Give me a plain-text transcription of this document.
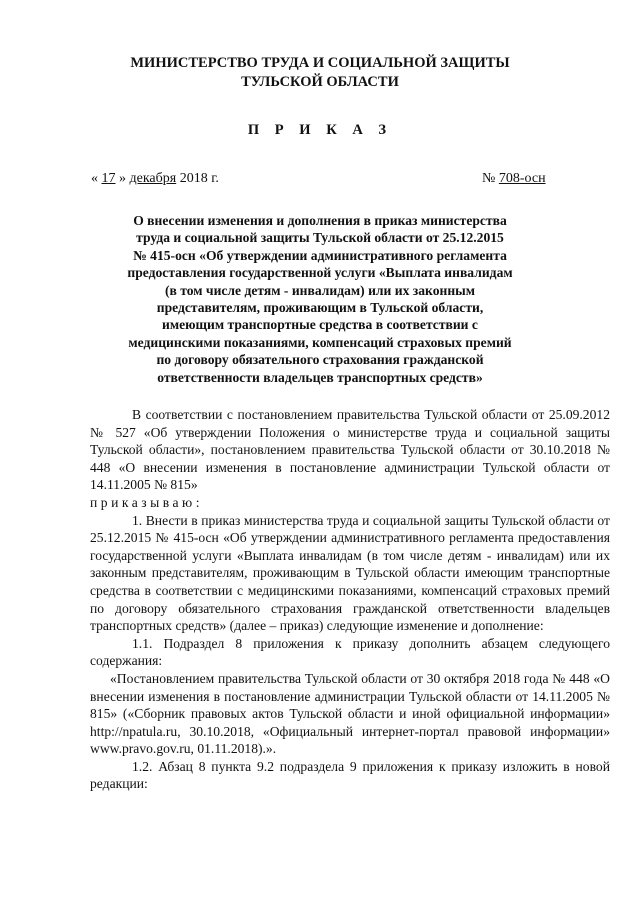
МИНИСТЕРСТВО ТРУДА И СОЦИАЛЬНОЙ ЗАЩИТЫ
ТУЛЬСКОЙ ОБЛАСТИ
П Р И К А З
« 17 » декабря 2018 г.	№ 708-осн
О внесении изменения и дополнения в приказ министерства
труда и социальной защиты Тульской области от 25.12.2015
№ 415-осн «Об утверждении административного регламента
предоставления государственной услуги «Выплата инвалидам
(в том числе детям - инвалидам) или их законным
представителям, проживающим в Тульской области,
имеющим транспортные средства в соответствии с
медицинскими показаниями, компенсаций страховых премий
по договору обязательного страхования гражданской
ответственности владельцев транспортных средств»

В соответствии с постановлением правительства Тульской области от 25.09.2012 № 527 «Об утверждении Положения о министерстве труда и социальной защиты Тульской области», постановлением правительства Тульской области от 30.10.2018 № 448 «О внесении изменения в постановление администрации Тульской области от 14.11.2005 № 815»

приказываю:

1. Внести в приказ министерства труда и социальной защиты Тульской области от 25.12.2015 № 415-осн «Об утверждении административного регламента предоставления государственной услуги «Выплата инвалидам (в том числе детям - инвалидам) или их законным представителям, проживающим в Тульской области имеющим транспортные средства в соответствии с медицинскими показаниями, компенсаций страховых премий по договору обязательного страхования гражданской ответственности владельцев транспортных средств» (далее – приказ) следующие изменение и дополнение:

1.1. Подраздел 8 приложения к приказу дополнить абзацем следующего содержания:

«Постановлением правительства Тульской области от 30 октября 2018 года № 448 «О внесении изменения в постановление администрации Тульской области от 14.11.2005 № 815» («Сборник правовых актов Тульской области и иной официальной информации» http://npatula.ru, 30.10.2018, «Официальный интернет-портал правовой информации» www.pravo.gov.ru, 01.11.2018).».

1.2. Абзац 8 пункта 9.2 подраздела 9 приложения к приказу изложить в новой редакции:
